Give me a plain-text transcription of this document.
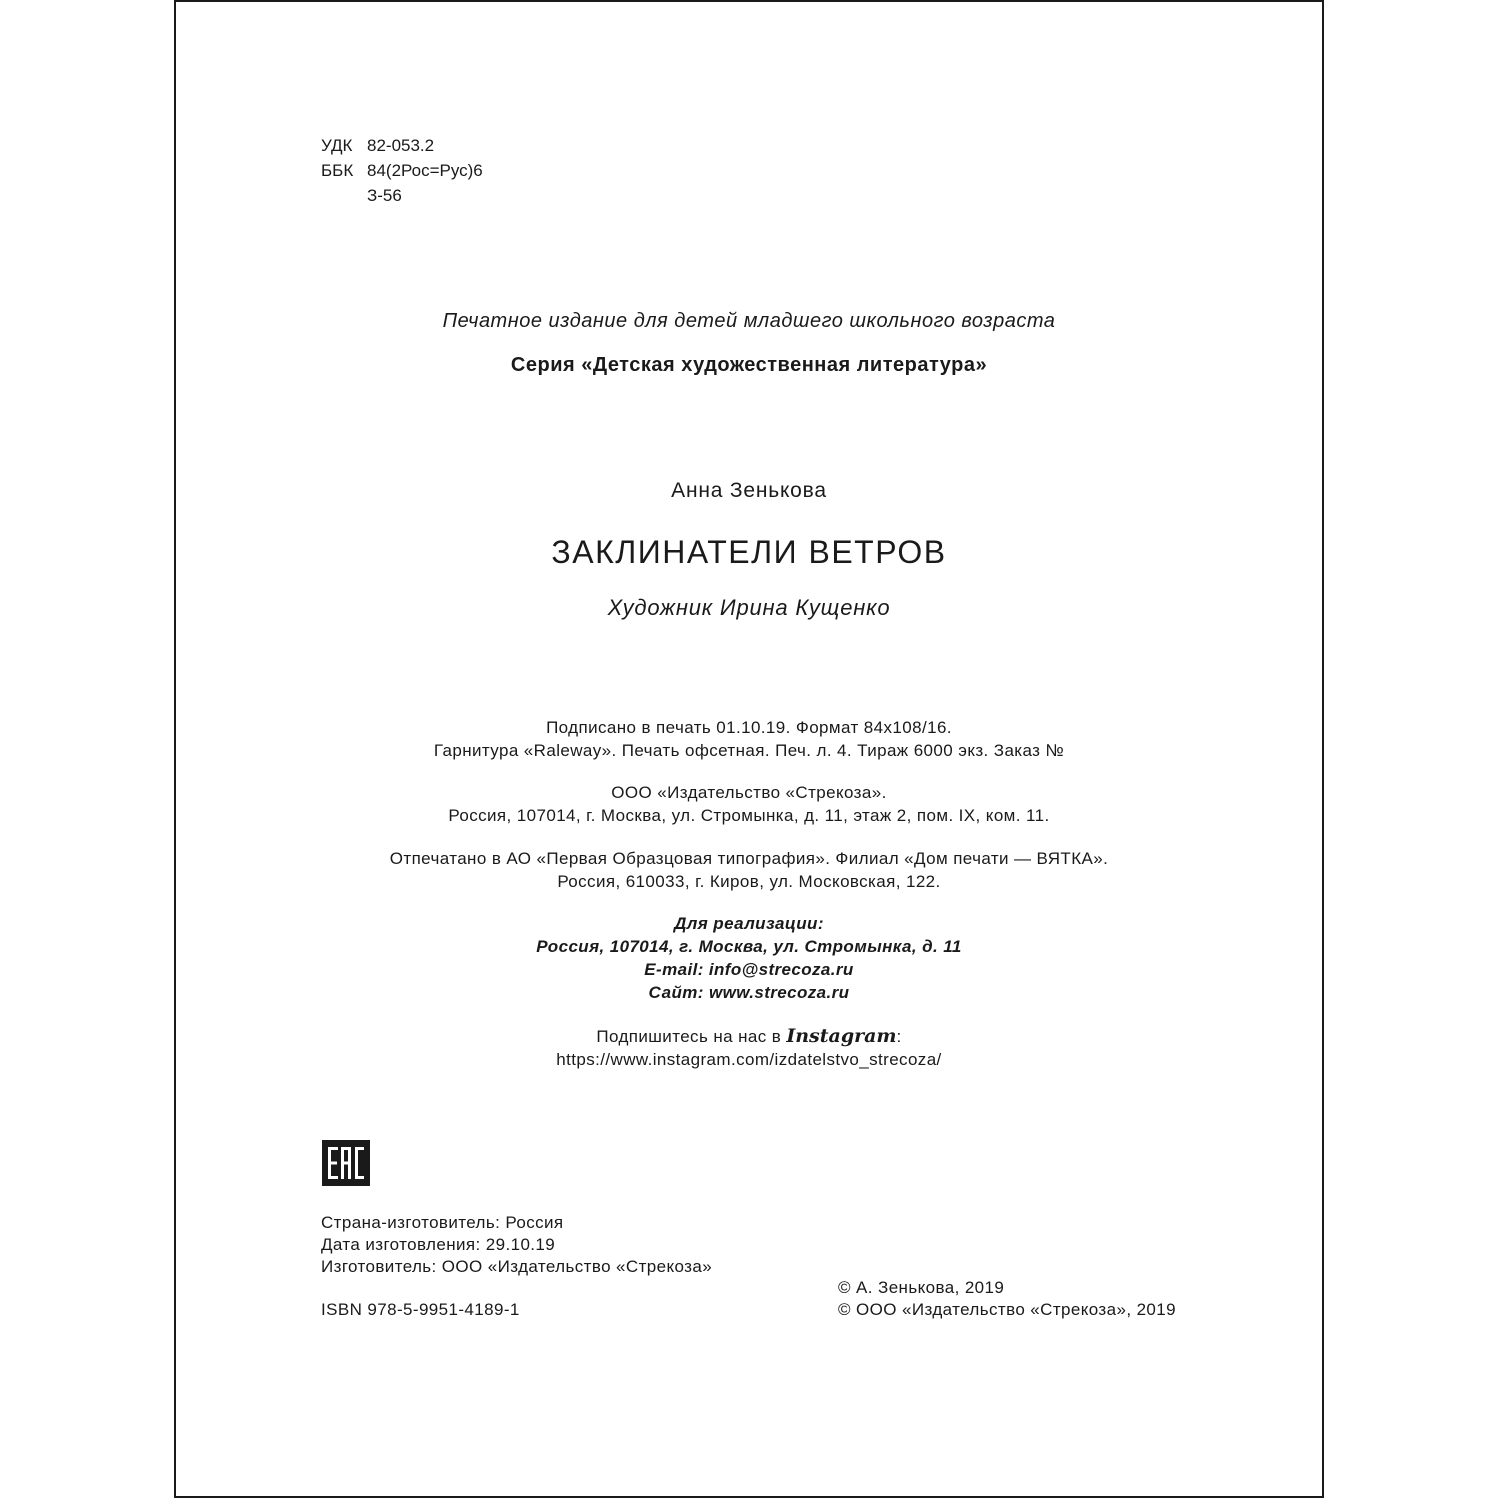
УДК 82-053.2
ББК 84(2Рос=Рус)6
З-56
Печатное издание для детей младшего школьного возраста
Серия «Детская художественная литература»
Анна Зенькова
ЗАКЛИНАТЕЛИ ВЕТРОВ
Художник Ирина Кущенко
Подписано в печать 01.10.19. Формат 84х108/16.
Гарнитура «Raleway». Печать офсетная. Печ. л. 4. Тираж 6000 экз. Заказ №
ООО «Издательство «Стрекоза».
Россия, 107014, г. Москва, ул. Стромынка, д. 11, этаж 2, пом. IX, ком. 11.
Отпечатано в АО «Первая Образцовая типография». Филиал «Дом печати — ВЯТКА».
Россия, 610033, г. Киров, ул. Московская, 122.
Для реализации:
Россия, 107014, г. Москва, ул. Стромынка, д. 11
E-mail: info@strecoza.ru
Сайт: www.strecoza.ru
Подпишитесь на нас в Instagram:
https://www.instagram.com/izdatelstvo_strecoza/
Страна-изготовитель: Россия
Дата изготовления: 29.10.19
Изготовитель: ООО «Издательство «Стрекоза»
ISBN 978-5-9951-4189-1
© А. Зенькова, 2019
© ООО «Издательство «Стрекоза», 2019
